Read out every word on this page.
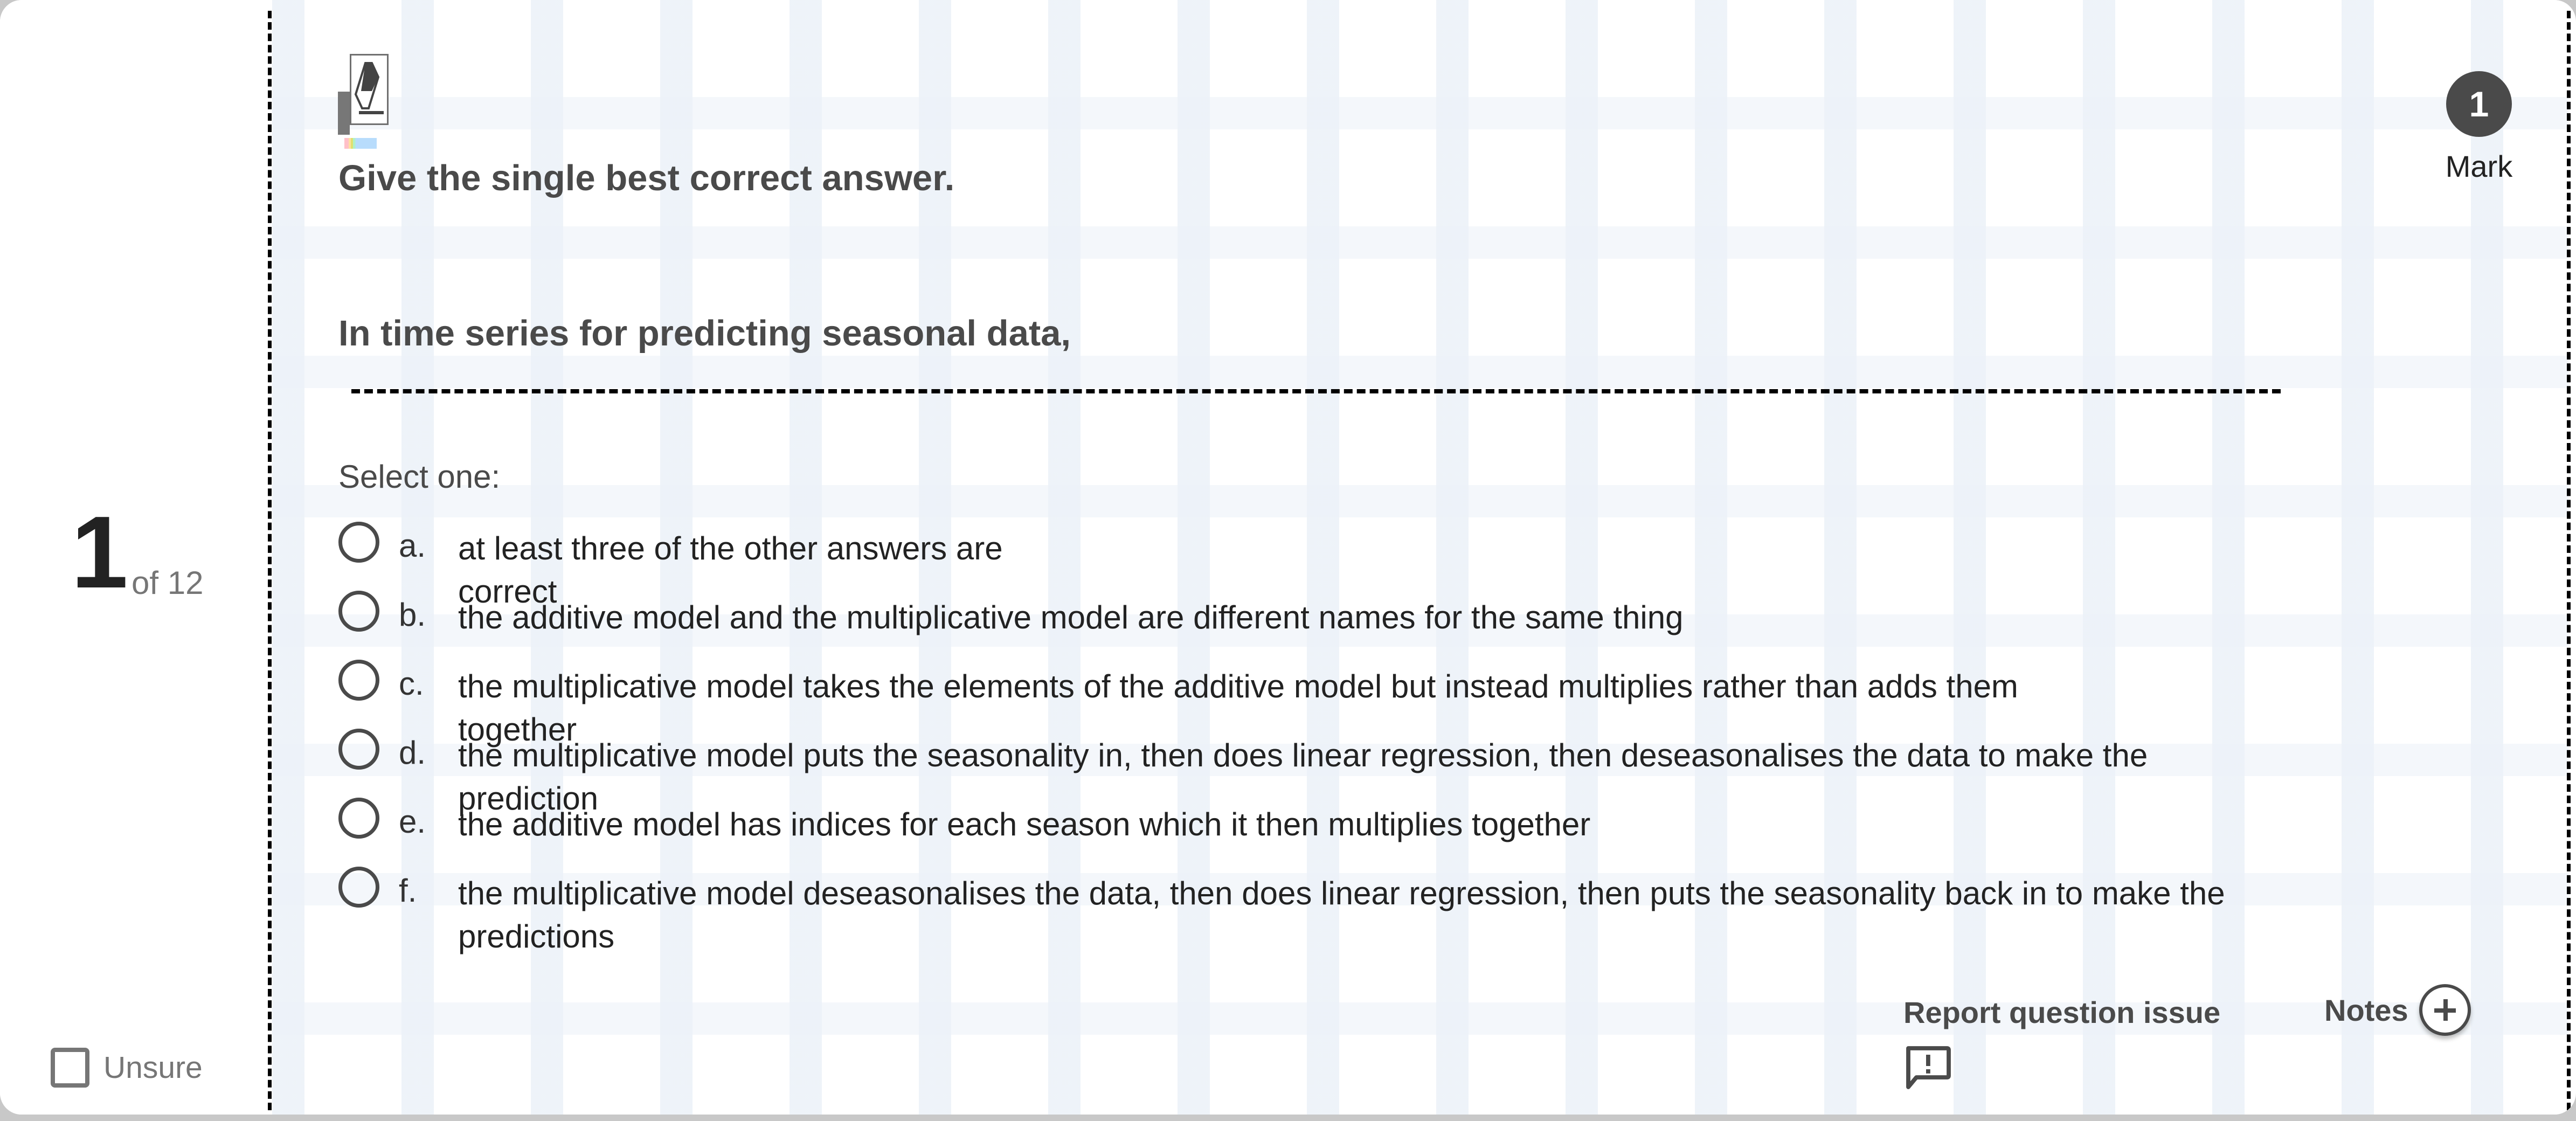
1 of 12
Unsure
Give the single best correct answer.
1
Mark
In time series for predicting seasonal data,
Select one:
a. at least three of the other answers are correct
b. the additive model and the multiplicative model are different names for the same thing
c. the multiplicative model takes the elements of the additive model but instead multiplies rather than adds them together
d. the multiplicative model puts the seasonality in, then does linear regression, then deseasonalises the data to make the prediction
e. the additive model has indices for each season which it then multiplies together
f. the multiplicative model deseasonalises the data, then does linear regression, then puts the seasonality back in to make the predictions
Report question issue	Notes
